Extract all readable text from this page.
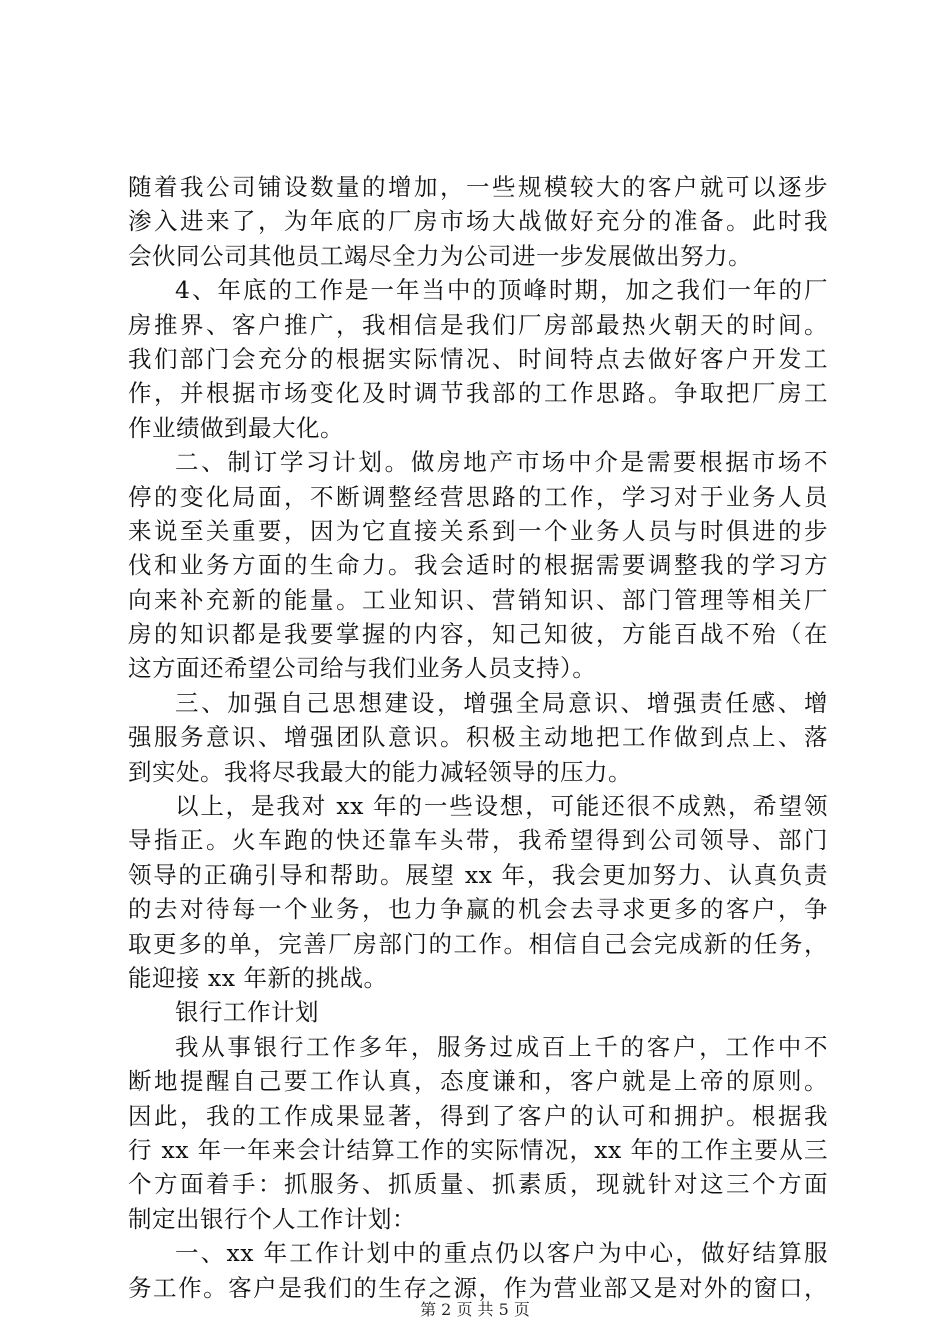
随着我公司铺设数量的增加，一些规模较大的客户就可以逐步
渗入进来了，为年底的厂房市场大战做好充分的准备。此时我
会伙同公司其他员工竭尽全力为公司进一步发展做出努力。
4、年底的工作是一年当中的顶峰时期，加之我们一年的厂
房推界、客户推广，我相信是我们厂房部最热火朝天的时间。
我们部门会充分的根据实际情况、时间特点去做好客户开发工
作，并根据市场变化及时调节我部的工作思路。争取把厂房工
作业绩做到最大化。
二、制订学习计划。做房地产市场中介是需要根据市场不
停的变化局面，不断调整经营思路的工作，学习对于业务人员
来说至关重要，因为它直接关系到一个业务人员与时俱进的步
伐和业务方面的生命力。我会适时的根据需要调整我的学习方
向来补充新的能量。工业知识、营销知识、部门管理等相关厂
房的知识都是我要掌握的内容，知己知彼，方能百战不殆（在
这方面还希望公司给与我们业务人员支持）。
三、加强自己思想建设，增强全局意识、增强责任感、增
强服务意识、增强团队意识。积极主动地把工作做到点上、落
到实处。我将尽我最大的能力减轻领导的压力。
以上，是我对 xx 年的一些设想，可能还很不成熟，希望领
导指正。火车跑的快还靠车头带，我希望得到公司领导、部门
领导的正确引导和帮助。展望 xx 年，我会更加努力、认真负责
的去对待每一个业务，也力争赢的机会去寻求更多的客户，争
取更多的单，完善厂房部门的工作。相信自己会完成新的任务，
能迎接 xx 年新的挑战。
银行工作计划
我从事银行工作多年，服务过成百上千的客户，工作中不
断地提醒自己要工作认真，态度谦和，客户就是上帝的原则。
因此，我的工作成果显著，得到了客户的认可和拥护。根据我
行 xx 年一年来会计结算工作的实际情况，xx 年的工作主要从三
个方面着手：抓服务、抓质量、抓素质，现就针对这三个方面
制定出银行个人工作计划：
一、xx 年工作计划中的重点仍以客户为中心，做好结算服
务工作。客户是我们的生存之源，作为营业部又是对外的窗口，
第 2 页 共 5 页
